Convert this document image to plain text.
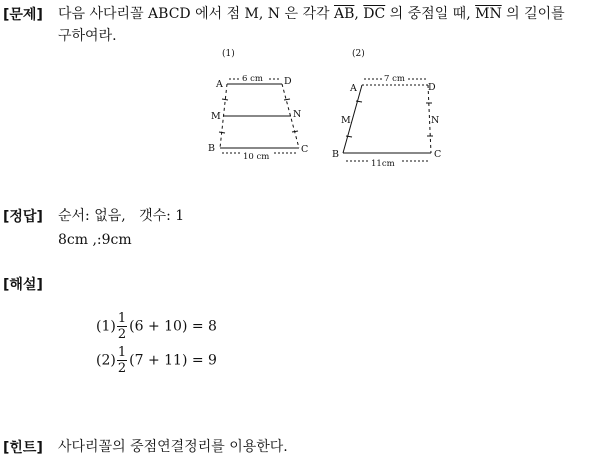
[문제] 다음 사다리꼴 ABCD 에서 점 M, N 은 각각 $\overline{AB}$, $\overline{DC}$ 의 중점일 때, $\overline{MN}$ 의 길이를
구하여라.
(1)
6 cm
10 cm
A	D
M	N
B	C
(2)
7 cm
11cm
A	D
M	N
B	C
[정답] 순서: 없음,   갯수: 1
8cm ,:9cm
[해설]
$(1) \frac{1}{2} (6 + 10) = 8$
$(2) \frac{1}{2} (7 + 11) = 9$
[힌트] 사다리꼴의 중점연결정리를 이용한다.
